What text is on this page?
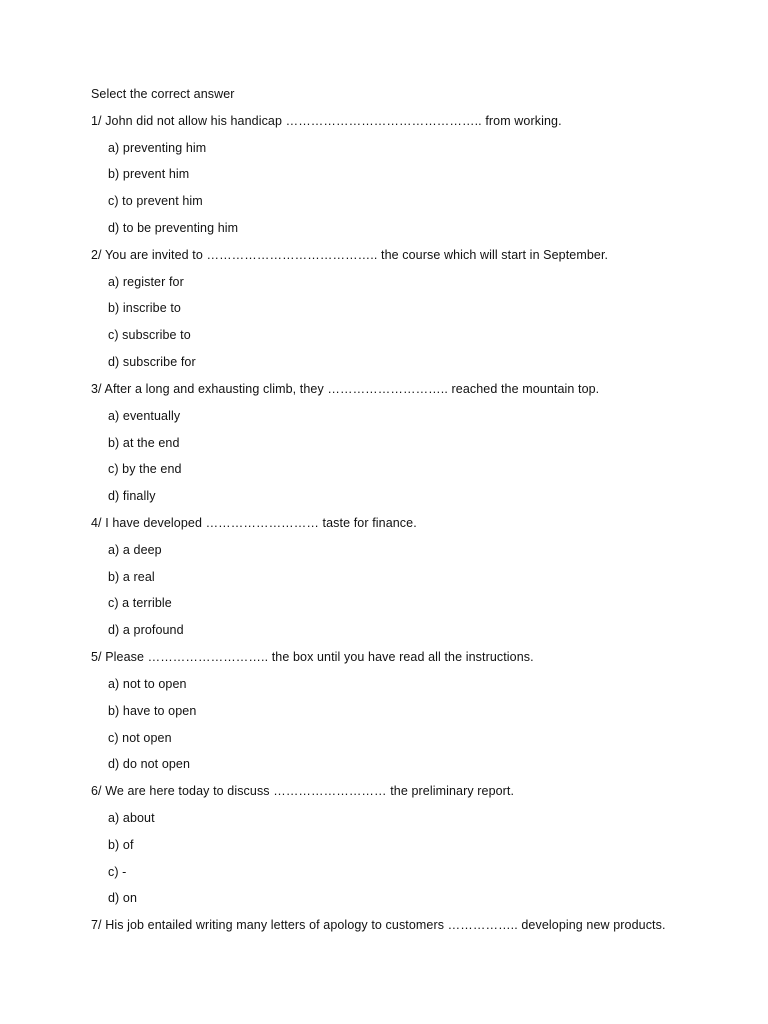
Select the correct answer
1/ John did not allow his handicap ……………………………………….. from working.
a) preventing him
b) prevent him
c) to prevent him
d) to be preventing him
2/ You are invited to ………………………………….. the course which will start in September.
a) register for
b) inscribe to
c) subscribe to
d) subscribe for
3/ After a long and exhausting climb, they ……………………….. reached the mountain top.
a) eventually
b) at the end
c) by the end
d) finally
4/ I have developed ……………………… taste for finance.
a) a deep
b) a real
c) a terrible
d) a profound
5/ Please ……………………….. the box until you have read all the instructions.
a) not to open
b) have to open
c) not open
d) do not open
6/ We are here today to discuss ……………………… the preliminary report.
a) about
b) of
c) -
d) on
7/ His job entailed writing many letters of apology to customers …………….. developing new products.
